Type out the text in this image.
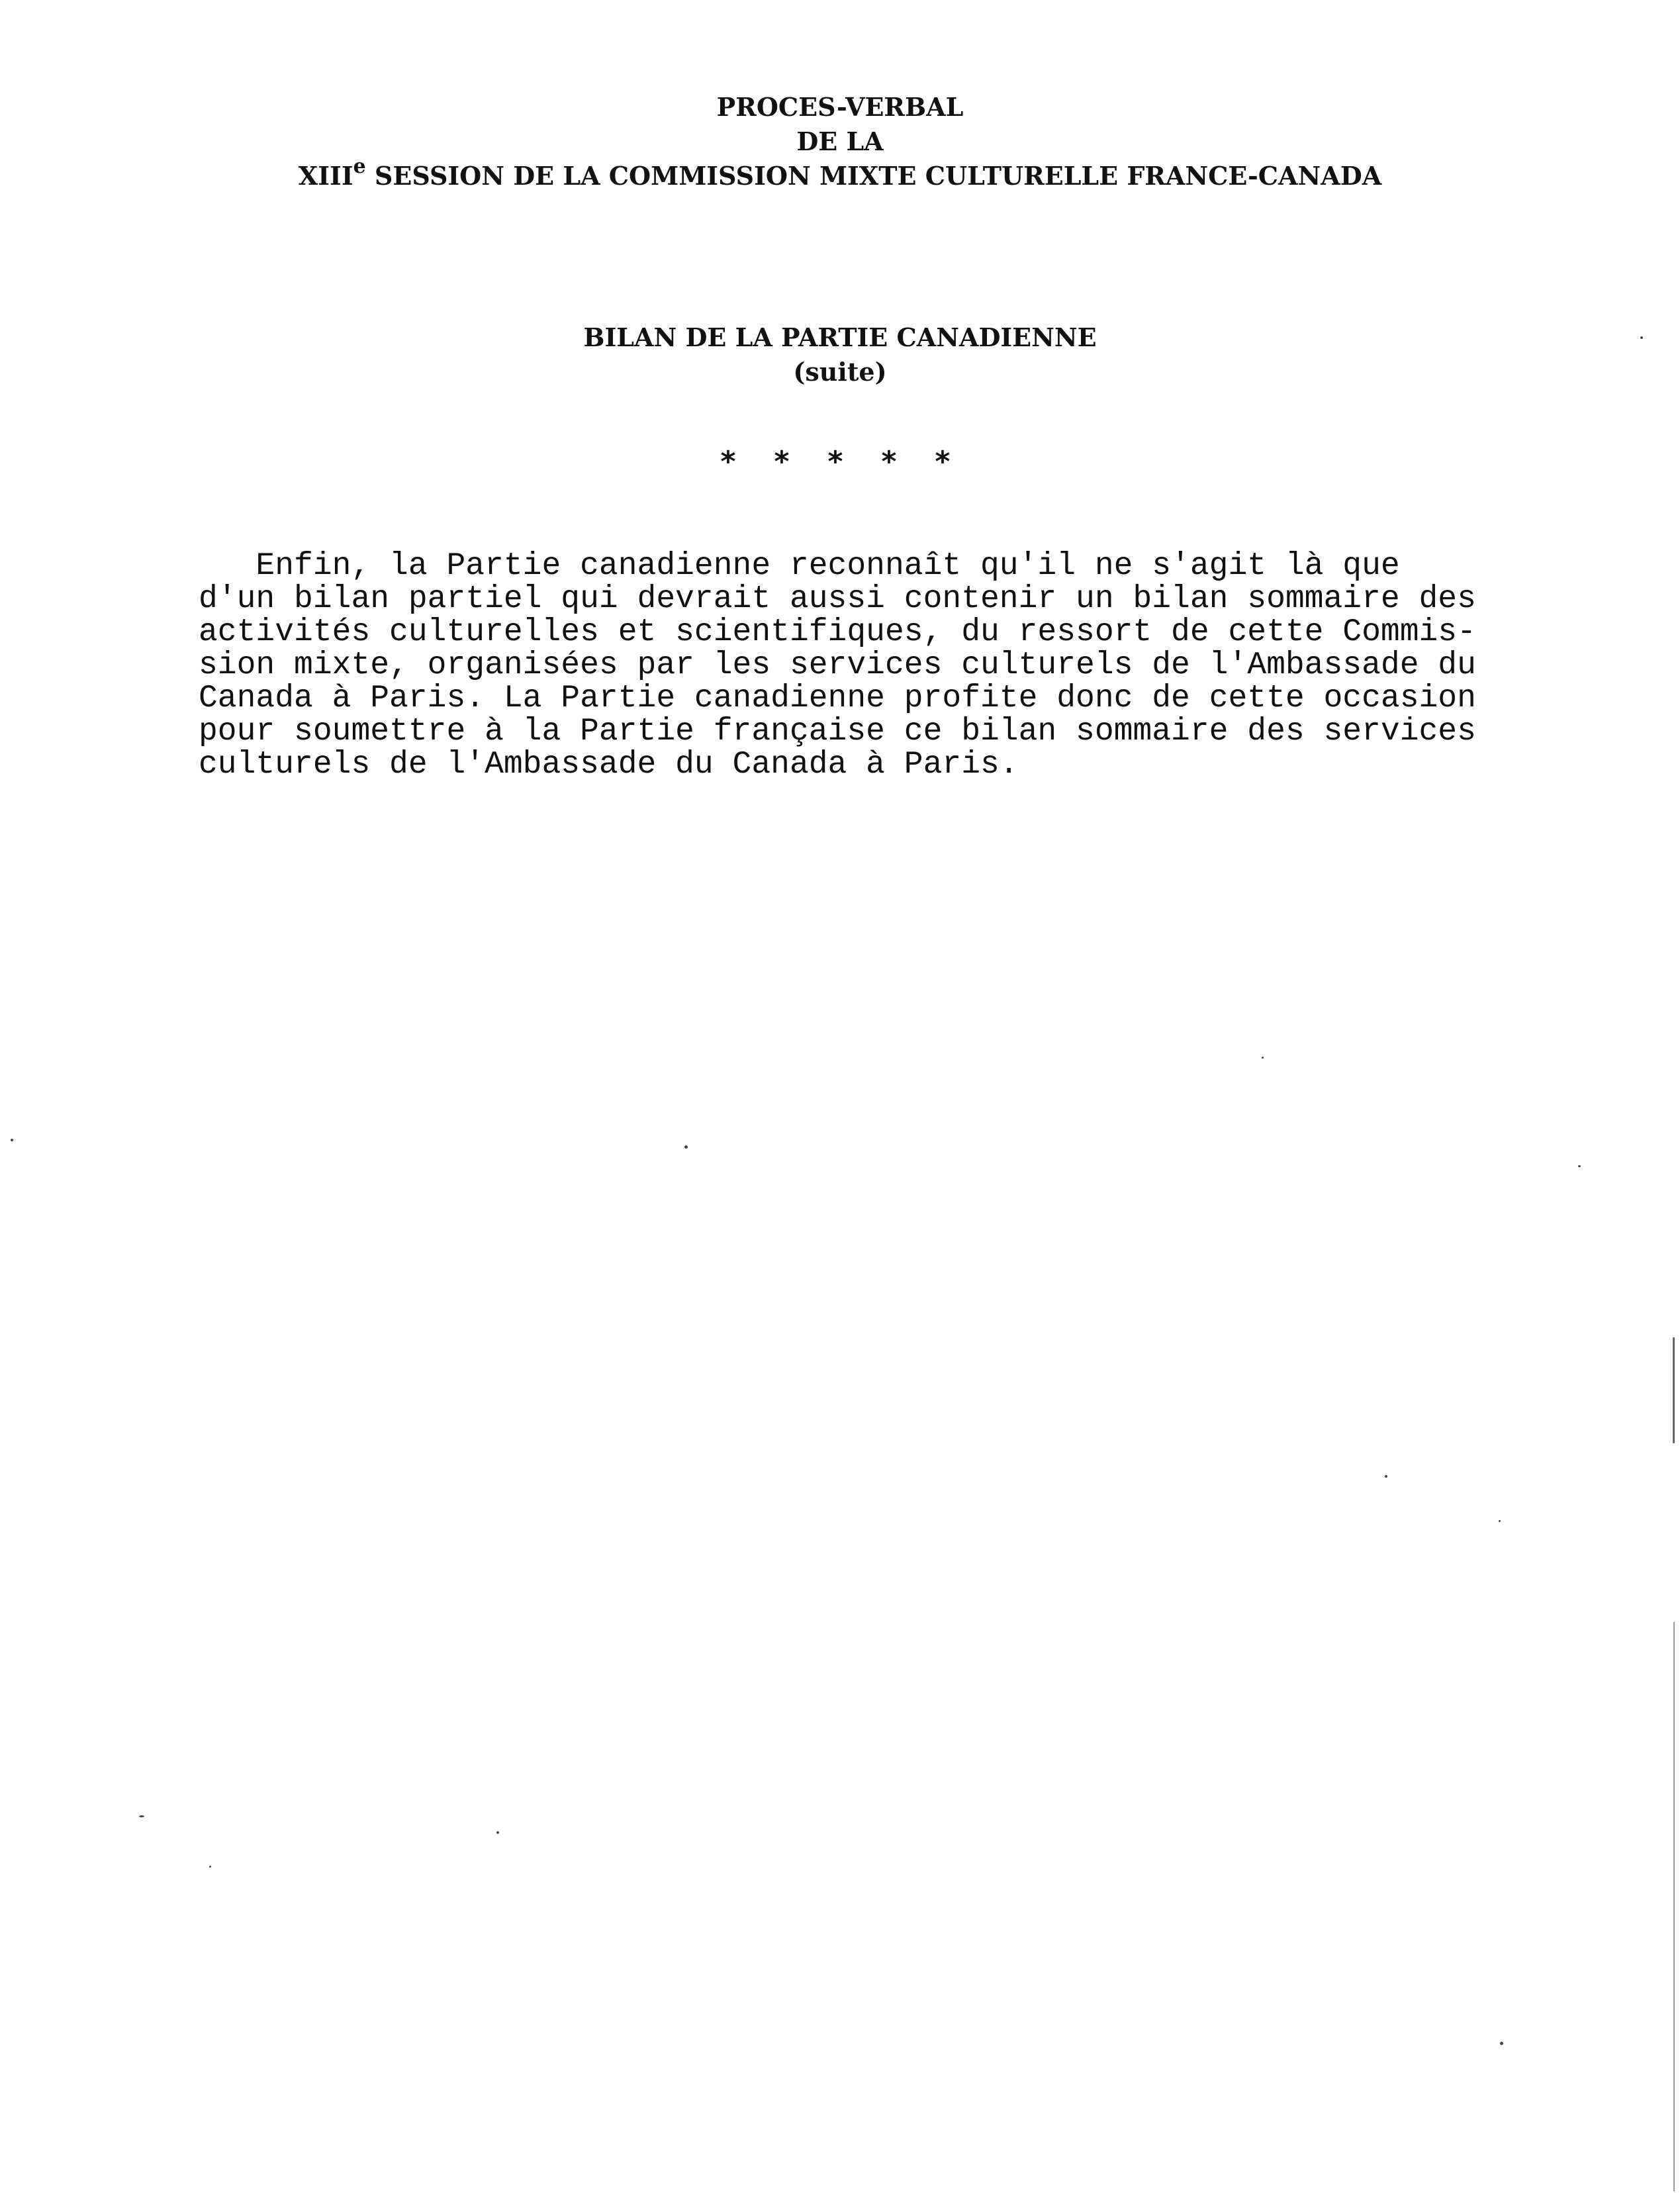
PROCES-VERBAL
DE LA
XIIIe SESSION DE LA COMMISSION MIXTE CULTURELLE FRANCE-CANADA
BILAN DE LA PARTIE CANADIENNE
(suite)
* * * * *
Enfin, la Partie canadienne reconnaît qu'il ne s'agit là que
d'un bilan partiel qui devrait aussi contenir un bilan sommaire des
activités culturelles et scientifiques, du ressort de cette Commis-
sion mixte, organisées par les services culturels de l'Ambassade du
Canada à Paris. La Partie canadienne profite donc de cette occasion
pour soumettre à la Partie française ce bilan sommaire des services
culturels de l'Ambassade du Canada à Paris.
